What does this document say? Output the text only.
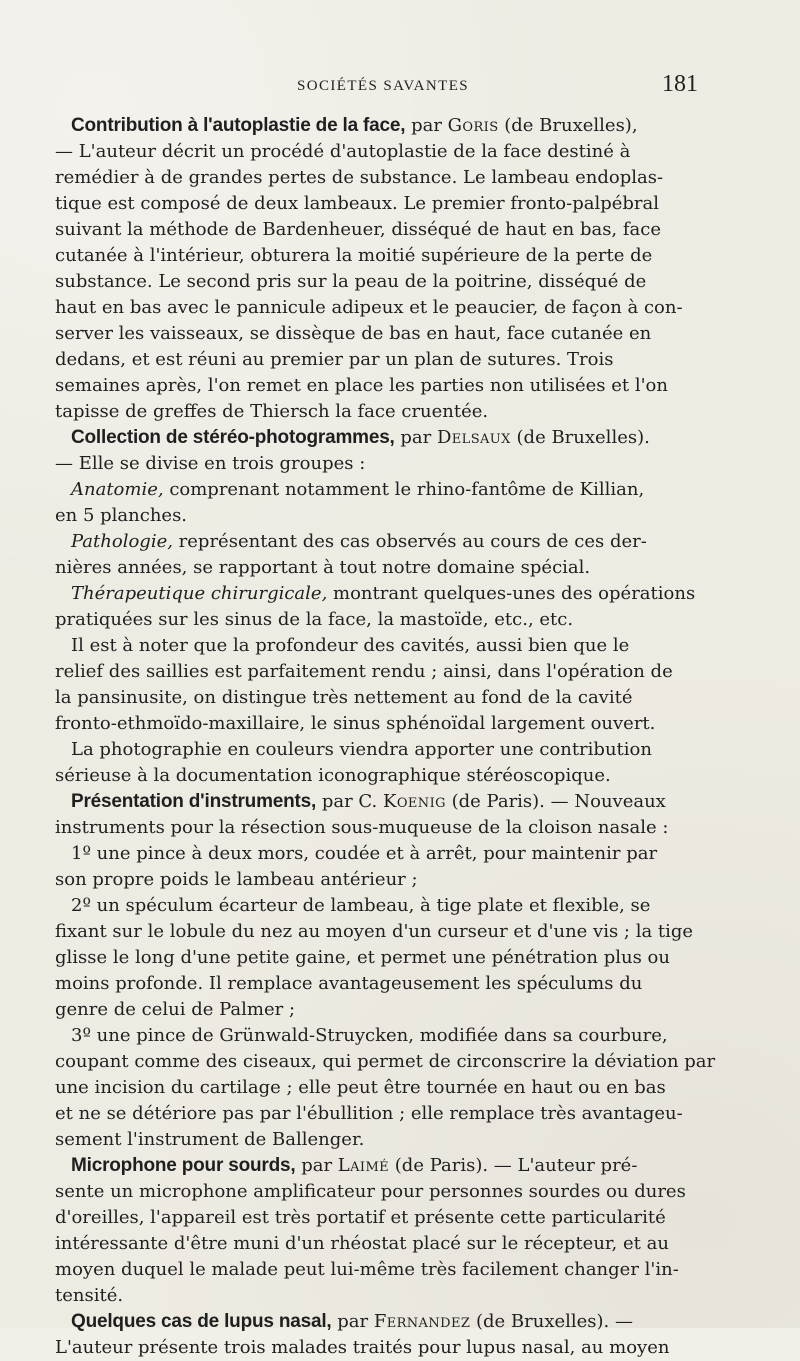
SOCIÉTÉS SAVANTES	181
Contribution à l'autoplastie de la face, par Goris (de Bruxelles),
— L'auteur décrit un procédé d'autoplastie de la face destiné à
remédier à de grandes pertes de substance. Le lambeau endoplas-
tique est composé de deux lambeaux. Le premier fronto-palpébral
suivant la méthode de Bardenheuer, disséqué de haut en bas, face
cutanée à l'intérieur, obturera la moitié supérieure de la perte de
substance. Le second pris sur la peau de la poitrine, disséqué de
haut en bas avec le pannicule adipeux et le peaucier, de façon à con-
server les vaisseaux, se dissèque de bas en haut, face cutanée en
dedans, et est réuni au premier par un plan de sutures. Trois
semaines après, l'on remet en place les parties non utilisées et l'on
tapisse de greffes de Thiersch la face cruentée.
Collection de stéréo-photogrammes, par Delsaux (de Bruxelles).
— Elle se divise en trois groupes :
Anatomie, comprenant notamment le rhino-fantôme de Killian,
en 5 planches.
Pathologie, représentant des cas observés au cours de ces der-
nières années, se rapportant à tout notre domaine spécial.
Thérapeutique chirurgicale, montrant quelques-unes des opérations
pratiquées sur les sinus de la face, la mastoïde, etc., etc.
Il est à noter que la profondeur des cavités, aussi bien que le
relief des saillies est parfaitement rendu ; ainsi, dans l'opération de
la pansinusite, on distingue très nettement au fond de la cavité
fronto-ethmoïdo-maxillaire, le sinus sphénoïdal largement ouvert.
La photographie en couleurs viendra apporter une contribution
sérieuse à la documentation iconographique stéréoscopique.
Présentation d'instruments, par C. Koenig (de Paris). — Nouveaux
instruments pour la résection sous-muqueuse de la cloison nasale :
1º une pince à deux mors, coudée et à arrêt, pour maintenir par
son propre poids le lambeau antérieur ;
2º un spéculum écarteur de lambeau, à tige plate et flexible, se
fixant sur le lobule du nez au moyen d'un curseur et d'une vis ; la tige
glisse le long d'une petite gaine, et permet une pénétration plus ou
moins profonde. Il remplace avantageusement les spéculums du
genre de celui de Palmer ;
3º une pince de Grünwald-Struycken, modifiée dans sa courbure,
coupant comme des ciseaux, qui permet de circonscrire la déviation par
une incision du cartilage ; elle peut être tournée en haut ou en bas
et ne se détériore pas par l'ébullition ; elle remplace très avantageu-
sement l'instrument de Ballenger.
Microphone pour sourds, par Laimé (de Paris). — L'auteur pré-
sente un microphone amplificateur pour personnes sourdes ou dures
d'oreilles, l'appareil est très portatif et présente cette particularité
intéressante d'être muni d'un rhéostat placé sur le récepteur, et au
moyen duquel le malade peut lui-même très facilement changer l'in-
tensité.
Quelques cas de lupus nasal, par Fernandez (de Bruxelles). —
L'auteur présente trois malades traités pour lupus nasal, au moyen
